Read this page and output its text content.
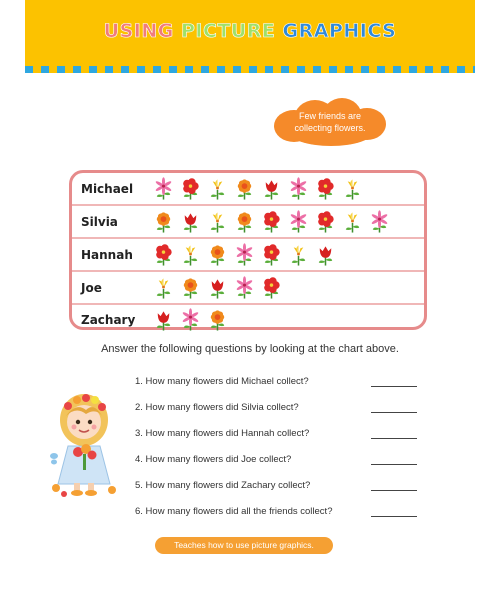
USING PICTURE GRAPHICS
Few friends are
collecting flowers.
Michael
Silvia
Hannah
Joe
Zachary
Answer the following questions by looking at the chart above.
1. How many flowers did Michael collect?
2. How many flowers did Silvia collect?
3. How many flowers did Hannah collect?
4. How many flowers did Joe collect?
5. How many flowers did Zachary collect?
6. How many flowers did all the friends collect?
Teaches how to use picture graphics.
